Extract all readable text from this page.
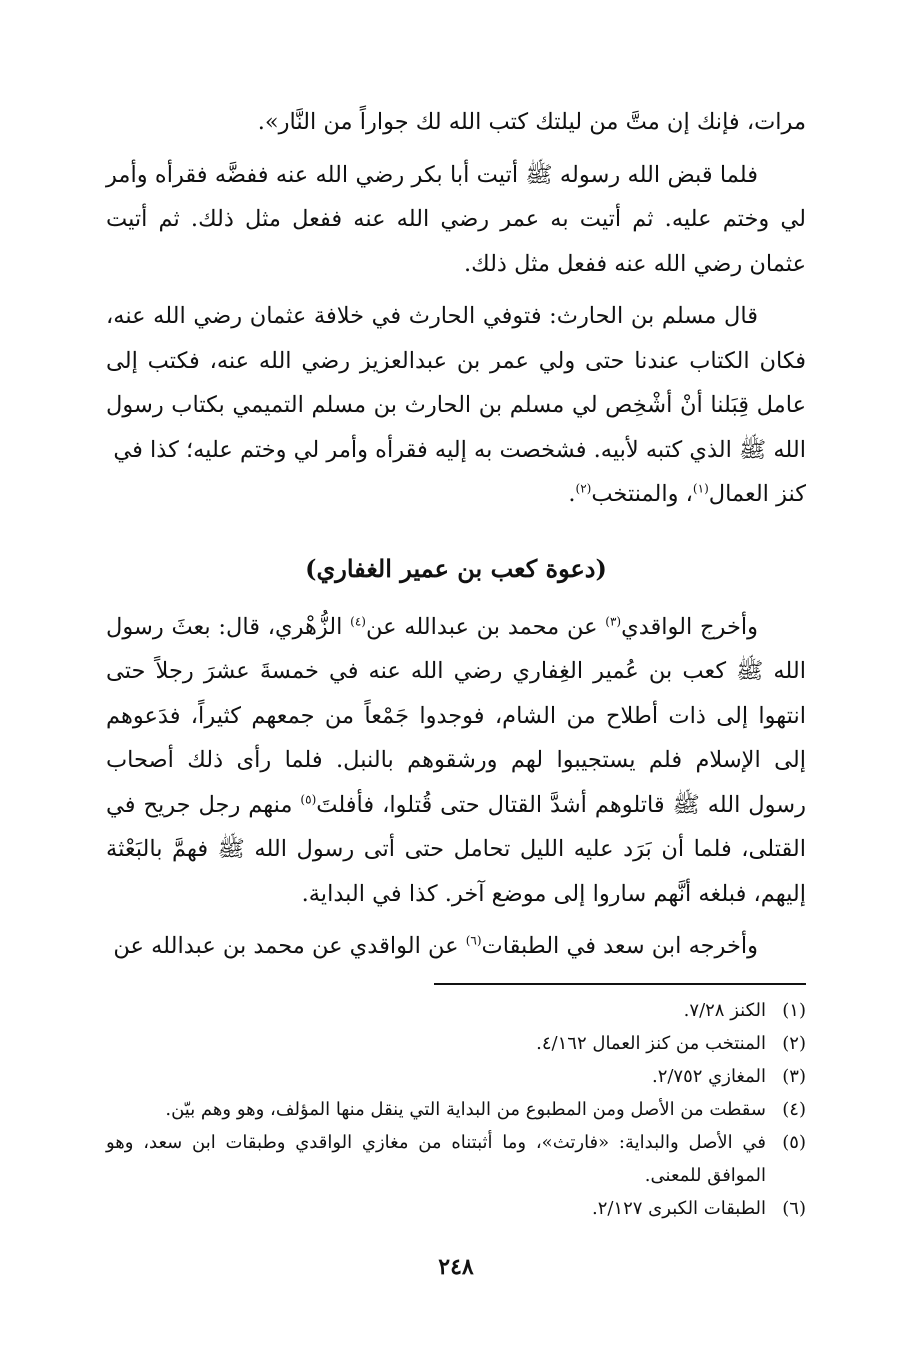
مرات، فإنك إن متَّ من ليلتك كتب الله لك جواراً من النَّار».

فلما قبض الله رسوله ﷺ أتيت أبا بكر رضي الله عنه ففضَّه فقرأه وأمر لي وختم عليه. ثم أتيت به عمر رضي الله عنه ففعل مثل ذلك. ثم أتيت عثمان رضي الله عنه ففعل مثل ذلك.

قال مسلم بن الحارث: فتوفي الحارث في خلافة عثمان رضي الله عنه، فكان الكتاب عندنا حتى ولي عمر بن عبدالعزيز رضي الله عنه، فكتب إلى عامل قِبَلنا أنْ أشْخِص لي مسلم بن الحارث بن مسلم التميمي بكتاب رسول الله ﷺ الذي كتبه لأبيه. فشخصت به إليه فقرأه وأمر لي وختم عليه؛ كذا في
كنز العمال$^{(١)}$، والمنتخب$^{(٢)}$.

(دعوة كعب بن عمير الغفاري)

وأخرج الواقدي$^{(٣)}$ عن محمد بن عبدالله عن$^{(٤)}$ الزُّهْري، قال: بعثَ رسول الله ﷺ كعب بن عُمير الغِفاري رضي الله عنه في خمسةَ عشرَ رجلاً حتى انتهوا إلى ذات أطلاح من الشام، فوجدوا جَمْعاً من جمعهم كثيراً، فدَعوهم إلى الإسلام فلم يستجيبوا لهم ورشقوهم بالنبل. فلما رأى ذلك أصحاب رسول الله ﷺ قاتلوهم أشدَّ القتال حتى قُتلوا، فأفلتَ$^{(٥)}$ منهم رجل جريح في القتلى، فلما أن بَرَد عليه الليل تحامل حتى أتى رسول الله ﷺ فهمَّ بالبَعْثة إليهم، فبلغه أنَّهم ساروا إلى موضع آخر. كذا في البداية.

وأخرجه ابن سعد في الطبقات$^{(٦)}$ عن الواقدي عن محمد بن عبدالله عن

(١)
الكنز ٧/٢٨.
(٢)
المنتخب من كنز العمال ٤/١٦٢.
(٣)
المغازي ٢/٧٥٢.
(٤)
سقطت من الأصل ومن المطبوع من البداية التي ينقل منها المؤلف، وهو وهم بيّن.
(٥)
في الأصل والبداية: «فارتث»، وما أثبتناه من مغازي الواقدي وطبقات ابن سعد، وهو الموافق للمعنى.
(٦)
الطبقات الكبرى ٢/١٢٧.
٢٤٨
